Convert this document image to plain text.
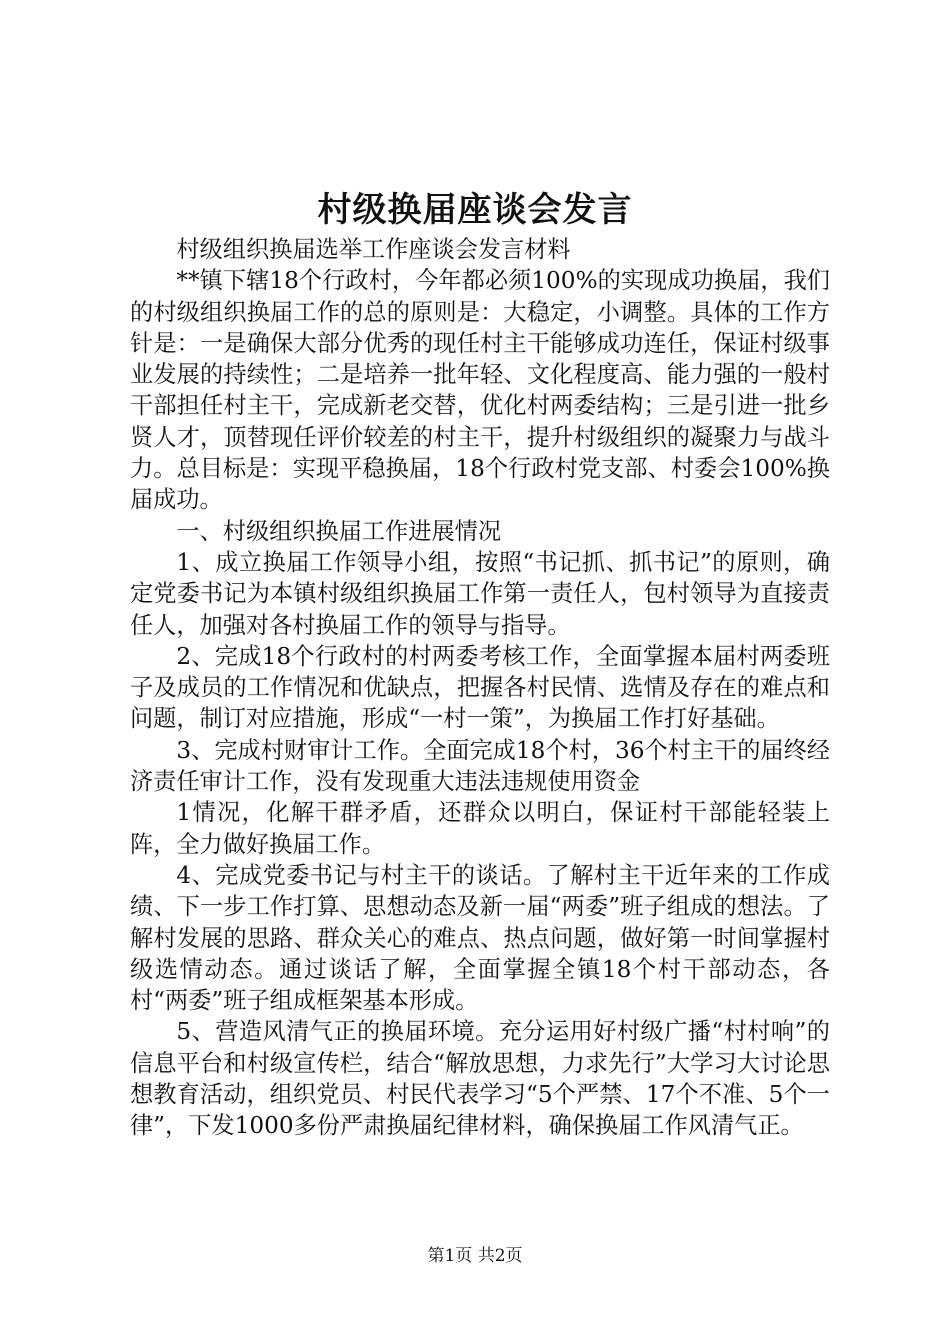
村级换届座谈会发言

村级组织换届选举工作座谈会发言材料

**镇下辖18个行政村，今年都必须100%的实现成功换届，我们的村级组织换届工作的总的原则是：大稳定，小调整。具体的工作方针是：一是确保大部分优秀的现任村主干能够成功连任，保证村级事业发展的持续性；二是培养一批年轻、文化程度高、能力强的一般村干部担任村主干，完成新老交替，优化村两委结构；三是引进一批乡贤人才，顶替现任评价较差的村主干，提升村级组织的凝聚力与战斗力。总目标是：实现平稳换届，18个行政村党支部、村委会100%换届成功。

一、村级组织换届工作进展情况

1、成立换届工作领导小组，按照“书记抓、抓书记”的原则，确定党委书记为本镇村级组织换届工作第一责任人，包村领导为直接责任人，加强对各村换届工作的领导与指导。

2、完成18个行政村的村两委考核工作，全面掌握本届村两委班子及成员的工作情况和优缺点，把握各村民情、选情及存在的难点和问题，制订对应措施，形成“一村一策”，为换届工作打好基础。

3、完成村财审计工作。全面完成18个村，36个村主干的届终经济责任审计工作，没有发现重大违法违规使用资金

1情况，化解干群矛盾，还群众以明白，保证村干部能轻装上阵，全力做好换届工作。

4、完成党委书记与村主干的谈话。了解村主干近年来的工作成绩、下一步工作打算、思想动态及新一届“两委”班子组成的想法。了解村发展的思路、群众关心的难点、热点问题，做好第一时间掌握村级选情动态。通过谈话了解，全面掌握全镇18个村干部动态，各村“两委”班子组成框架基本形成。

5、营造风清气正的换届环境。充分运用好村级广播“村村响”的信息平台和村级宣传栏，结合“解放思想，力求先行”大学习大讨论思想教育活动，组织党员、村民代表学习“5个严禁、17个不准、5个一律”，下发1000多份严肃换届纪律材料，确保换届工作风清气正。

第1页 共2页
